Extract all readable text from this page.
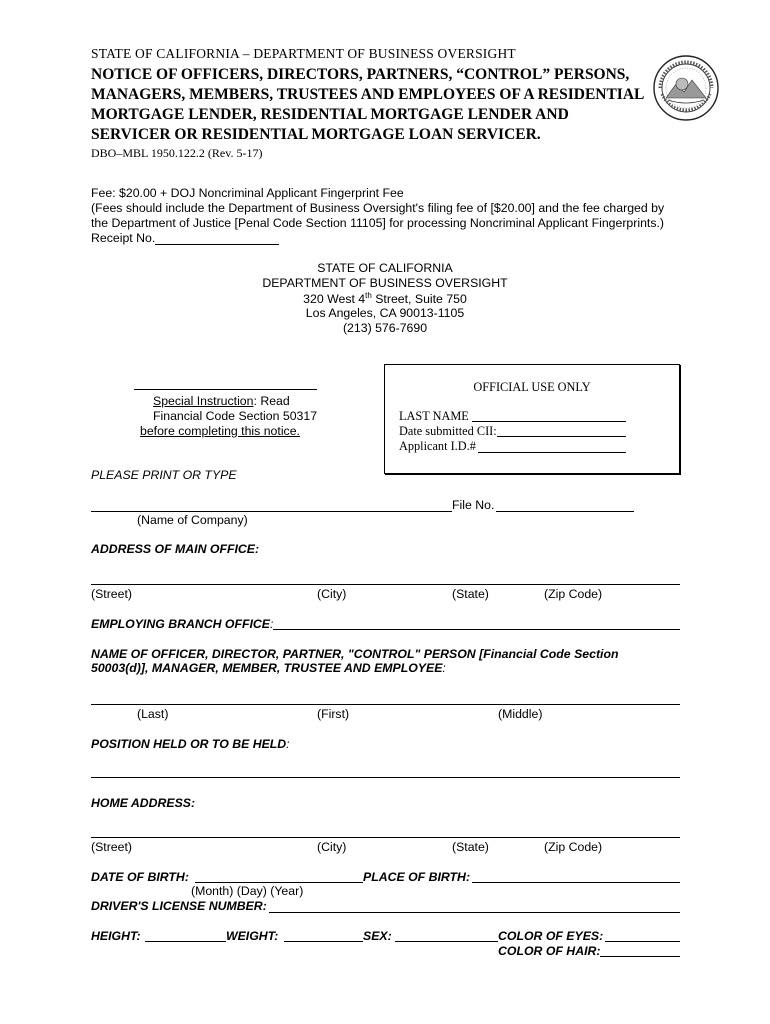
STATE OF CALIFORNIA – DEPARTMENT OF BUSINESS OVERSIGHT
NOTICE OF OFFICERS, DIRECTORS, PARTNERS, “CONTROL” PERSONS, MANAGERS, MEMBERS, TRUSTEES AND EMPLOYEES OF A RESIDENTIAL MORTGAGE LENDER, RESIDENTIAL MORTGAGE LENDER AND SERVICER OR RESIDENTIAL MORTGAGE LOAN SERVICER.
DBO–MBL 1950.122.2 (Rev. 5-17)
Fee: $20.00 + DOJ Noncriminal Applicant Fingerprint Fee
(Fees should include the Department of Business Oversight's filing fee of [$20.00] and the fee charged by
the Department of Justice [Penal Code Section 11105] for processing Noncriminal Applicant Fingerprints.)
Receipt No.
STATE OF CALIFORNIA
DEPARTMENT OF BUSINESS OVERSIGHT
320 West 4th Street, Suite 750
Los Angeles, CA 90013-1105
(213) 576-7690
Special Instruction: Read
Financial Code Section 50317
before completing this notice.
OFFICIAL USE ONLY
LAST NAME
Date submitted CII:
Applicant I.D.#
PLEASE PRINT OR TYPE
File No.
(Name of Company)
ADDRESS OF MAIN OFFICE:
(Street)	(City)	(State)	(Zip Code)
EMPLOYING BRANCH OFFICE:
NAME OF OFFICER, DIRECTOR, PARTNER, "CONTROL" PERSON [Financial Code Section
50003(d)], MANAGER, MEMBER, TRUSTEE AND EMPLOYEE:
(Last)	(First)	(Middle)
POSITION HELD OR TO BE HELD:
HOME ADDRESS:
(Street)	(City)	(State)	(Zip Code)
DATE OF BIRTH:	PLACE OF BIRTH:
(Month) (Day) (Year)
DRIVER'S LICENSE NUMBER:
HEIGHT:	WEIGHT:	SEX:	COLOR OF EYES:
COLOR OF HAIR:
